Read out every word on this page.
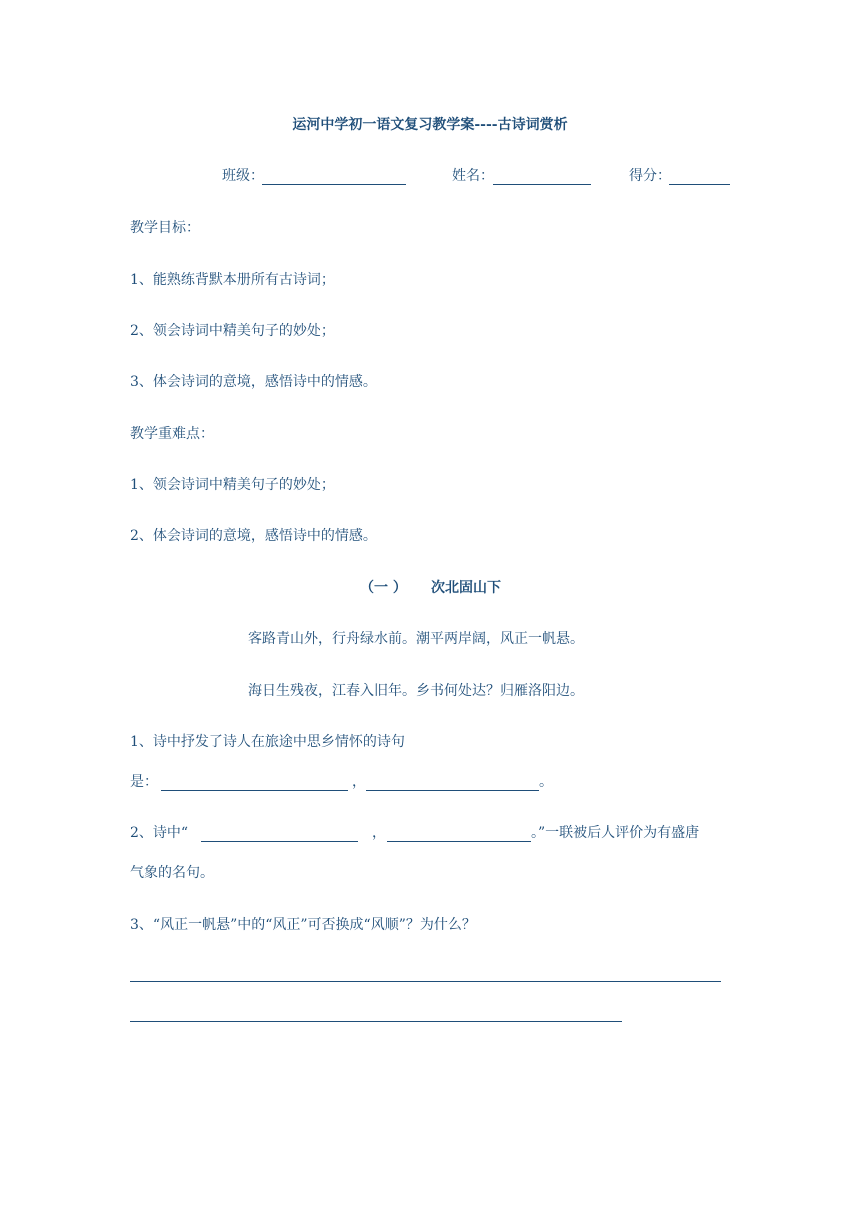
运河中学初一语文复习教学案----古诗词赏析
班级：	姓名：	得分：
教学目标：
1、能熟练背默本册所有古诗词；
2、领会诗词中精美句子的妙处；
3、体会诗词的意境，感悟诗中的情感。
教学重难点：
1、领会诗词中精美句子的妙处；
2、体会诗词的意境，感悟诗中的情感。
（一 ） 次北固山下
客路青山外，行舟绿水前。潮平两岸阔，风正一帆悬。
海日生残夜，江春入旧年。乡书何处达？归雁洛阳边。
1、诗中抒发了诗人在旅途中思乡情怀的诗句
是：	，	。
2、诗中“	，	。”一联被后人评价为有盛唐
气象的名句。
3、“风正一帆悬”中的“风正”可否换成“风顺”？为什么？
